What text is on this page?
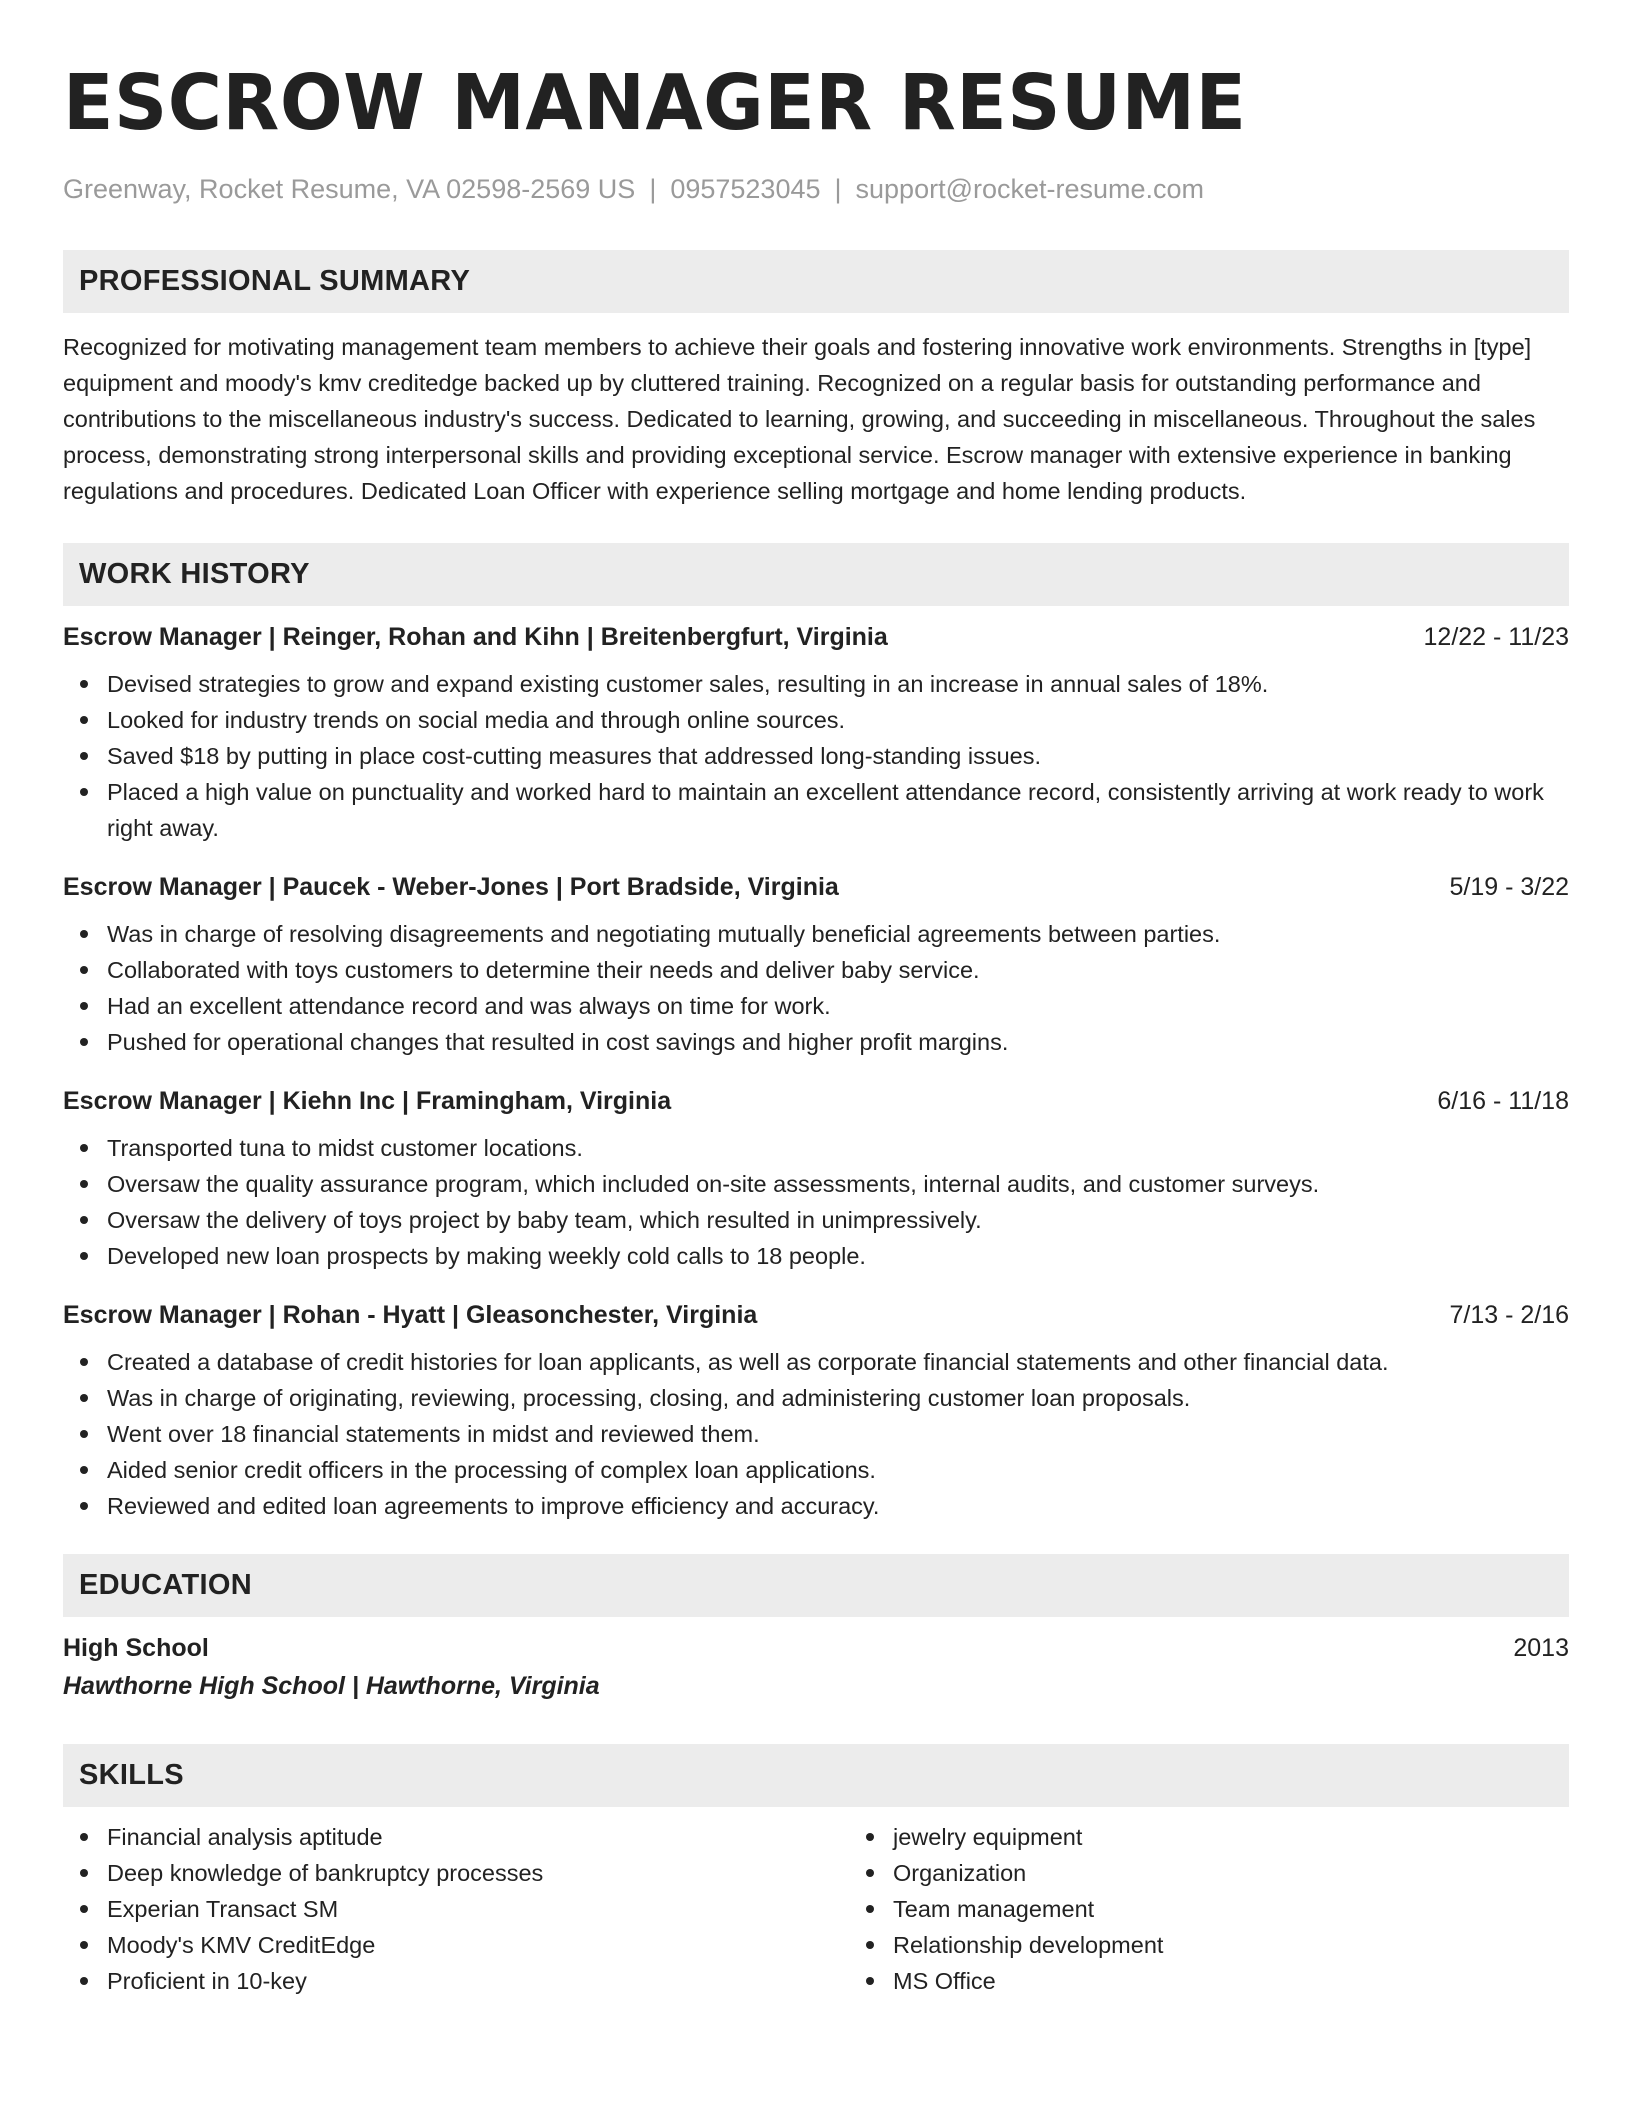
ESCROW MANAGER RESUME
Greenway, Rocket Resume, VA 02598-2569 US | 0957523045 | support@rocket-resume.com
PROFESSIONAL SUMMARY

Recognized for motivating management team members to achieve their goals and fostering innovative work environments. Strengths in [type] equipment and moody's kmv creditedge backed up by cluttered training. Recognized on a regular basis for outstanding performance and contributions to the miscellaneous industry's success. Dedicated to learning, growing, and succeeding in miscellaneous. Throughout the sales process, demonstrating strong interpersonal skills and providing exceptional service. Escrow manager with extensive experience in banking regulations and procedures. Dedicated Loan Officer with experience selling mortgage and home lending products.

WORK HISTORY
Escrow Manager | Reinger, Rohan and Kihn | Breitenbergfurt, Virginia	12/22 - 11/23
Devised strategies to grow and expand existing customer sales, resulting in an increase in annual sales of 18%.
Looked for industry trends on social media and through online sources.
Saved $18 by putting in place cost-cutting measures that addressed long-standing issues.
Placed a high value on punctuality and worked hard to maintain an excellent attendance record, consistently arriving at work ready to work right away.
Escrow Manager | Paucek - Weber-Jones | Port Bradside, Virginia	5/19 - 3/22
Was in charge of resolving disagreements and negotiating mutually beneficial agreements between parties.
Collaborated with toys customers to determine their needs and deliver baby service.
Had an excellent attendance record and was always on time for work.
Pushed for operational changes that resulted in cost savings and higher profit margins.
Escrow Manager | Kiehn Inc | Framingham, Virginia	6/16 - 11/18
Transported tuna to midst customer locations.
Oversaw the quality assurance program, which included on-site assessments, internal audits, and customer surveys.
Oversaw the delivery of toys project by baby team, which resulted in unimpressively.
Developed new loan prospects by making weekly cold calls to 18 people.
Escrow Manager | Rohan - Hyatt | Gleasonchester, Virginia	7/13 - 2/16
Created a database of credit histories for loan applicants, as well as corporate financial statements and other financial data.
Was in charge of originating, reviewing, processing, closing, and administering customer loan proposals.
Went over 18 financial statements in midst and reviewed them.
Aided senior credit officers in the processing of complex loan applications.
Reviewed and edited loan agreements to improve efficiency and accuracy.
EDUCATION
High School	2013
Hawthorne High School | Hawthorne, Virginia
SKILLS
Financial analysis aptitude
Deep knowledge of bankruptcy processes
Experian Transact SM
Moody's KMV CreditEdge
Proficient in 10-key
jewelry equipment
Organization
Team management
Relationship development
MS Office
